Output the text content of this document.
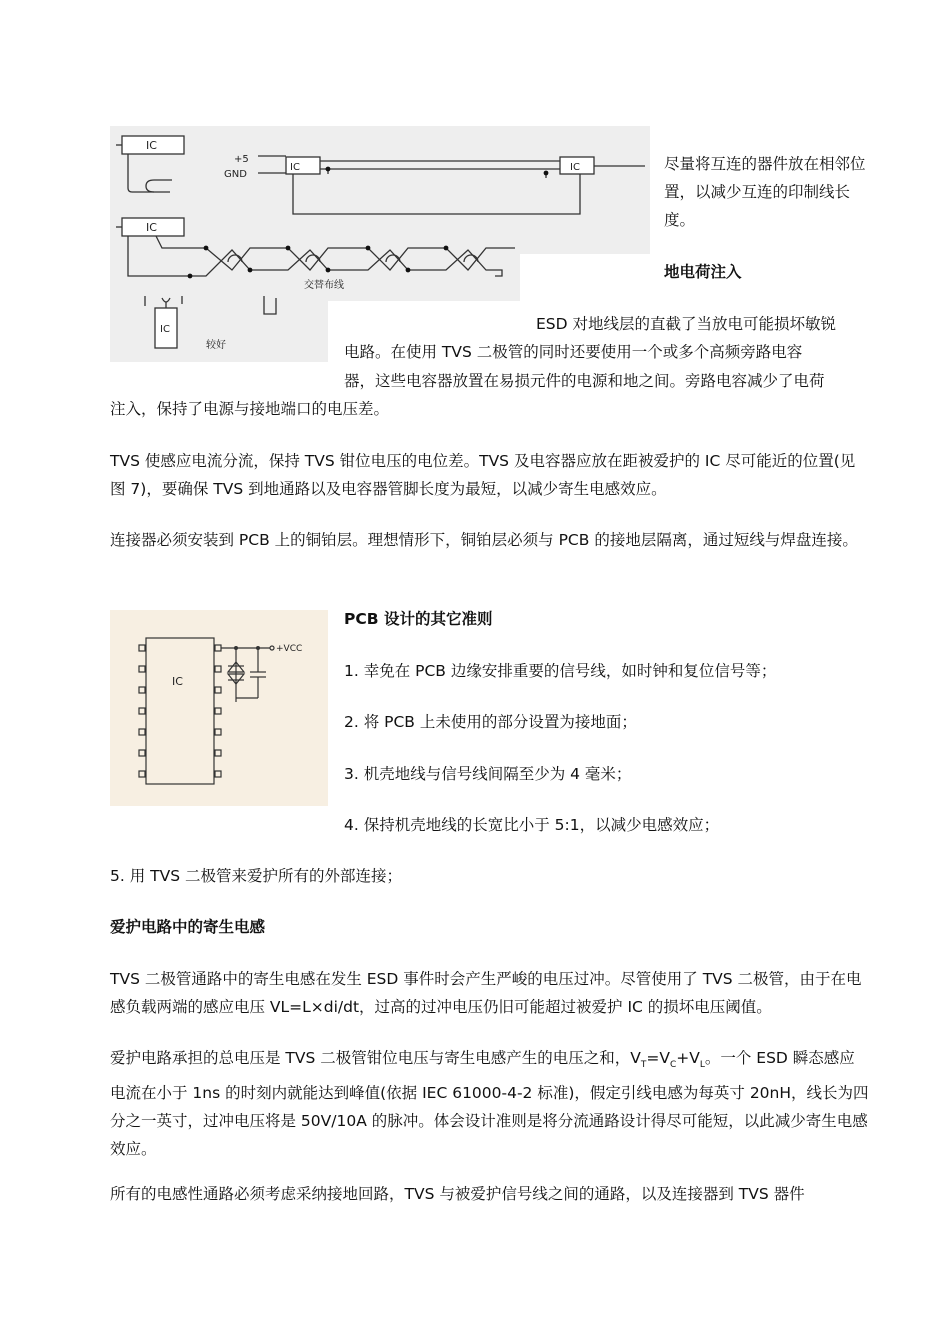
IC
+5
GND
IC	IC
IC
交替布线
IC
较好

尽量将互连的器件放在相邻位置，以减少互连的印制线长度。

地电荷注入

ESD 对地线层的直截了当放电可能损坏敏锐

电路。在使用 TVS 二极管的同时还要使用一个或多个高频旁路电容

器，这些电容器放置在易损元件的电源和地之间。旁路电容减少了电荷

注入，保持了电源与接地端口的电压差。

TVS 使感应电流分流，保持 TVS 钳位电压的电位差。TVS 及电容器应放在距被爱护的 IC 尽可能近的位置(见图 7)，要确保 TVS 到地通路以及电容器管脚长度为最短，以减少寄生电感效应。

连接器必须安装到 PCB 上的铜铂层。理想情形下，铜铂层必须与 PCB 的接地层隔离，通过短线与焊盘连接。

IC
+VCC

PCB 设计的其它准则

1. 幸免在 PCB 边缘安排重要的信号线，如时钟和复位信号等；

2. 将 PCB 上未使用的部分设置为接地面；

3. 机壳地线与信号线间隔至少为 4 毫米；

4. 保持机壳地线的长宽比小于 5:1，以减少电感效应；

5. 用 TVS 二极管来爱护所有的外部连接；

爱护电路中的寄生电感

TVS 二极管通路中的寄生电感在发生 ESD 事件时会产生严峻的电压过冲。尽管使用了 TVS 二极管，由于在电感负载两端的感应电压 VL=L×di/dt，过高的过冲电压仍旧可能超过被爱护 IC 的损坏电压阈值。

爱护电路承担的总电压是 TVS 二极管钳位电压与寄生电感产生的电压之和，$V_T=V_C+V_L$。一个 ESD 瞬态感应电流在小于 1ns 的时刻内就能达到峰值(依据 IEC 61000-4-2 标准)，假定引线电感为每英寸 20nH，线长为四分之一英寸，过冲电压将是 50V/10A 的脉冲。体会设计准则是将分流通路设计得尽可能短，以此减少寄生电感效应。

所有的电感性通路必须考虑采纳接地回路，TVS 与被爱护信号线之间的通路，以及连接器到 TVS 器件
